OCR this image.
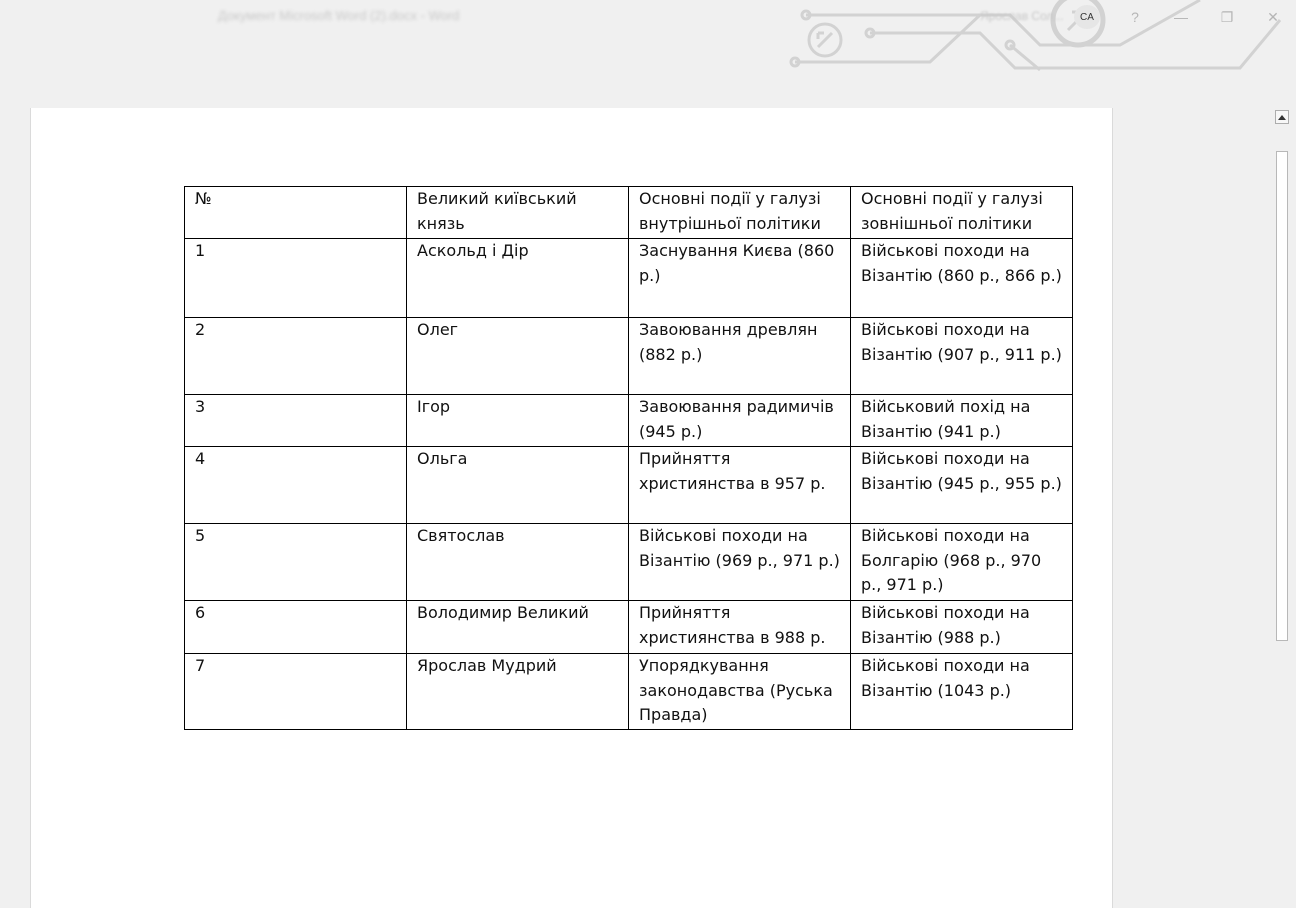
Документ Microsoft Word (2).docx - Word	Ярослав Сол...	CA	?	—	❐	✕
№	Великий київський князь	Основні події у галузі внутрішньої політики	Основні події у галузі зовнішньої політики
1	Аскольд і Дір	Заснування Києва (860 р.)	Військові походи на Візантію (860 р., 866 р.)
2	Олег	Завоювання древлян (882 р.)	Військові походи на Візантію (907 р., 911 р.)
3	Ігор	Завоювання радимичів (945 р.)	Військовий похід на Візантію (941 р.)
4	Ольга	Прийняття християнства в 957 р.	Військові походи на Візантію (945 р., 955 р.)
5	Святослав	Військові походи на Візантію (969 р., 971 р.)	Військові походи на Болгарію (968 р., 970 р., 971 р.)
6	Володимир Великий	Прийняття християнства в 988 р.	Військові походи на Візантію (988 р.)
7	Ярослав Мудрий	Упорядкування законодавства (Руська Правда)	Військові походи на Візантію (1043 р.)
